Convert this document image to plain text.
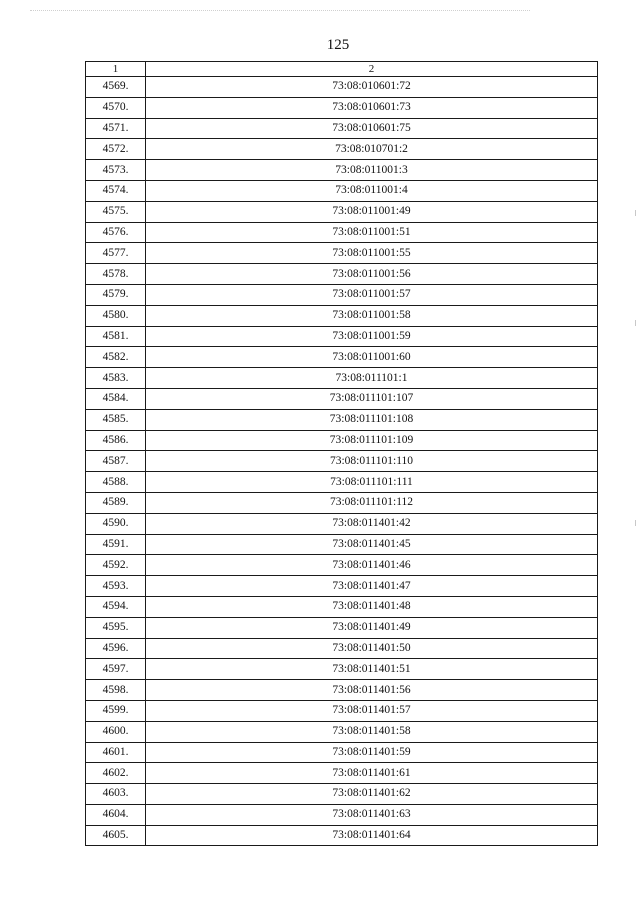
125
1	2
4569.	73:08:010601:72
4570.	73:08:010601:73
4571.	73:08:010601:75
4572.	73:08:010701:2
4573.	73:08:011001:3
4574.	73:08:011001:4
4575.	73:08:011001:49
4576.	73:08:011001:51
4577.	73:08:011001:55
4578.	73:08:011001:56
4579.	73:08:011001:57
4580.	73:08:011001:58
4581.	73:08:011001:59
4582.	73:08:011001:60
4583.	73:08:011101:1
4584.	73:08:011101:107
4585.	73:08:011101:108
4586.	73:08:011101:109
4587.	73:08:011101:110
4588.	73:08:011101:111
4589.	73:08:011101:112
4590.	73:08:011401:42
4591.	73:08:011401:45
4592.	73:08:011401:46
4593.	73:08:011401:47
4594.	73:08:011401:48
4595.	73:08:011401:49
4596.	73:08:011401:50
4597.	73:08:011401:51
4598.	73:08:011401:56
4599.	73:08:011401:57
4600.	73:08:011401:58
4601.	73:08:011401:59
4602.	73:08:011401:61
4603.	73:08:011401:62
4604.	73:08:011401:63
4605.	73:08:011401:64
